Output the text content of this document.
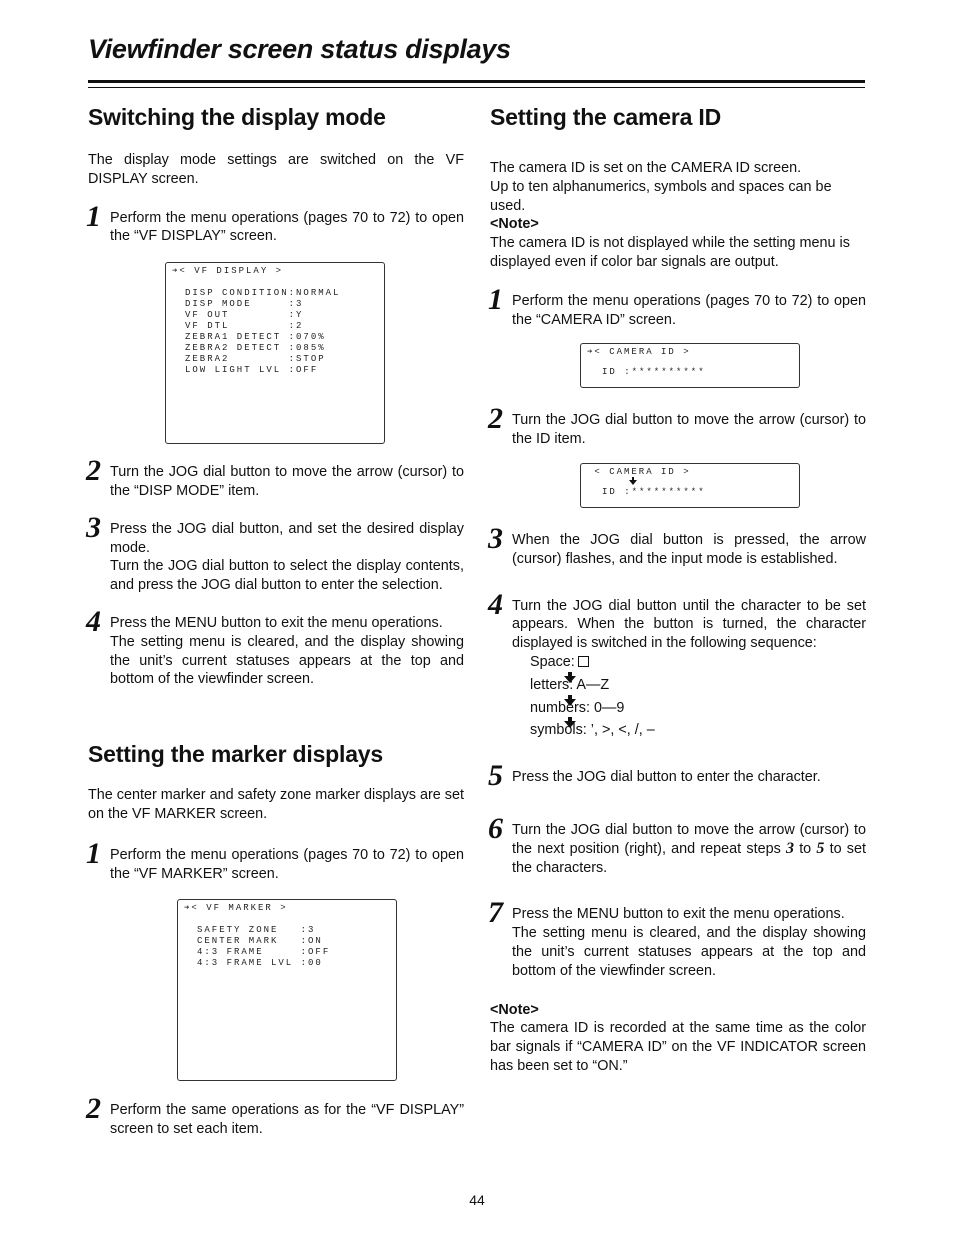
Viewfinder screen status displays
Switching the display mode

The display mode settings are switched on the VF DISPLAY screen.

1 Perform the menu operations (pages 70 to 72) to open the “VF DISPLAY” screen.

➔< VF DISPLAY >
DISP CONDITION:NORMAL
DISP MODE     :3
VF OUT        :Y
VF DTL        :2
ZEBRA1 DETECT :070%
ZEBRA2 DETECT :085%
ZEBRA2        :STOP
LOW LIGHT LVL :OFF
2 Turn the JOG dial button to move the arrow (cursor) to the “DISP MODE” item.

3 Press the JOG dial button, and set the desired display mode.

Turn the JOG dial button to select the display contents, and press the JOG dial button to enter the selection.

4 Press the MENU button to exit the menu operations.

The setting menu is cleared, and the display showing the unit’s current statuses appears at the top and bottom of the viewfinder screen.

Setting the marker displays

The center marker and safety zone marker displays are set on the VF MARKER screen.

1 Perform the menu operations (pages 70 to 72) to open the “VF MARKER” screen.

➔< VF MARKER >
SAFETY ZONE   :3
CENTER MARK   :ON
4:3 FRAME     :OFF
4:3 FRAME LVL :00
2 Perform the same operations as for the “VF DISPLAY” screen to set each item.

Setting the camera ID

The camera ID is set on the CAMERA ID screen.

Up to ten alphanumerics, symbols and spaces can be used.

<Note>

The camera ID is not displayed while the setting menu is displayed even if color bar signals are output.

1 Perform the menu operations (pages 70 to 72) to open the “CAMERA ID” screen.

➔< CAMERA ID >
ID :**********
2 Turn the JOG dial button to move the arrow (cursor) to the ID item.

< CAMERA ID >
ID :**********
3 When the JOG dial button is pressed, the arrow (cursor) flashes, and the input mode is established.

4 Turn the JOG dial button until the character to be set appears. When the button is turned, the character displayed is switched in the following sequence:

Space:

letters: A—Z

numbers: 0—9

symbols: ’, >, <, /, –

5 Press the JOG dial button to enter the character.

6 Turn the JOG dial button to move the arrow (cursor) to the next position (right), and repeat steps 3 to 5 to set the characters.

7 Press the MENU button to exit the menu operations.

The setting menu is cleared, and the display showing the unit’s current statuses appears at the top and bottom of the viewfinder screen.

<Note>

The camera ID is recorded at the same time as the color bar signals if “CAMERA ID” on the VF INDICATOR screen has been set to “ON.”

44
